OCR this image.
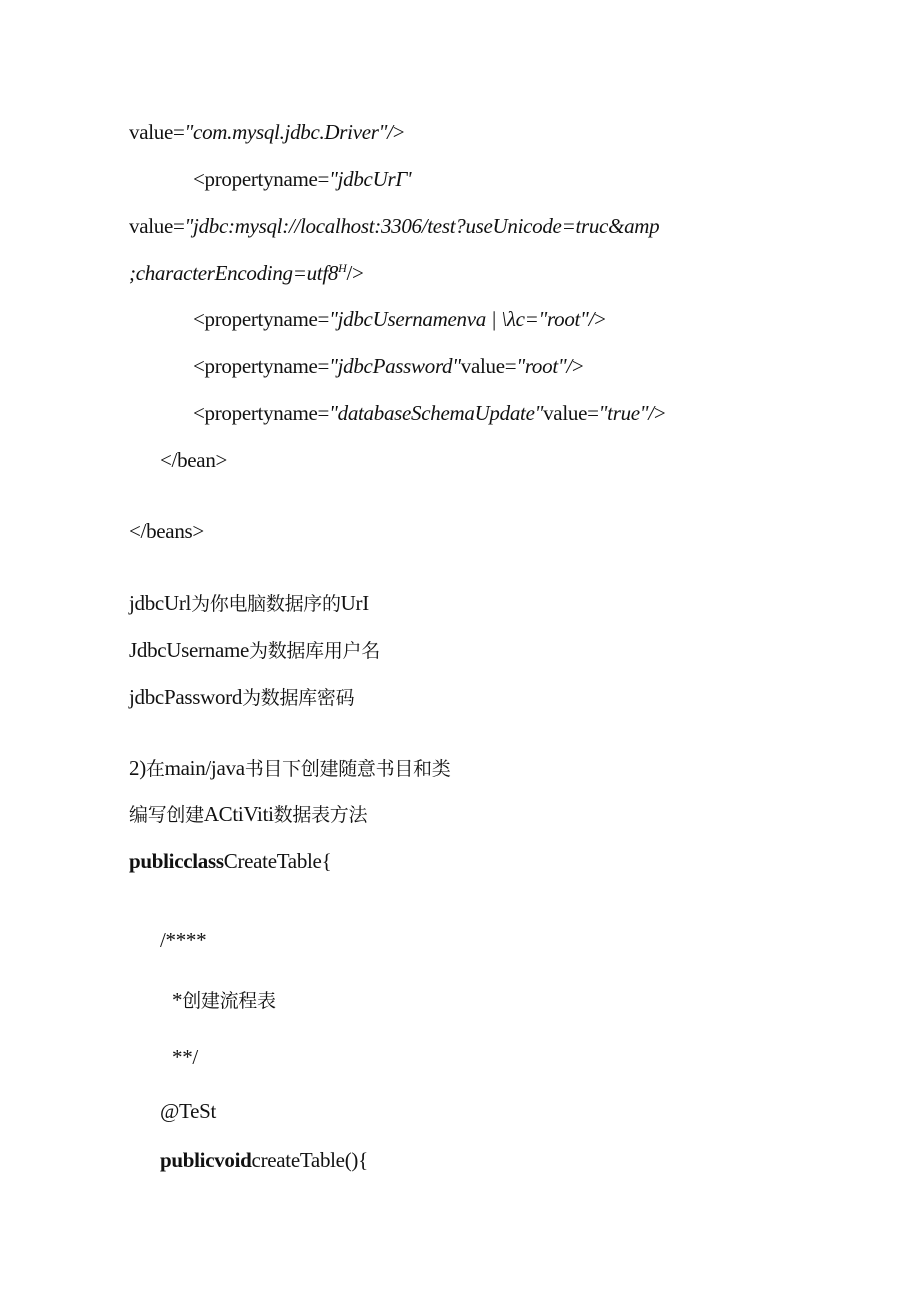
value="com.mysql.jdbc.Driver"/>
<propertyname="jdbcUrΓ'
value="jdbc:mysql://localhost:3306/test?useUnicode=truc&amp
$;characterEncoding=utf8^H/>$
<propertyname="jdbcUsernamenva | \λc="root"/>
<propertyname="jdbcPassword"value="root"/>
<propertyname="databaseSchemaUpdate"value="true"/>
</bean>
</beans>
jdbcUrl为你电脑数据序的UrI
JdbcUsername为数据库用户名
jdbcPassword为数据库密码
2)在main/java书目下创建随意书目和类
编写创建ACtiViti数据表方法
publicclassCreateTable{
/****
*创建流程表
**/
@TeSt
publicvoidcreateTable(){
